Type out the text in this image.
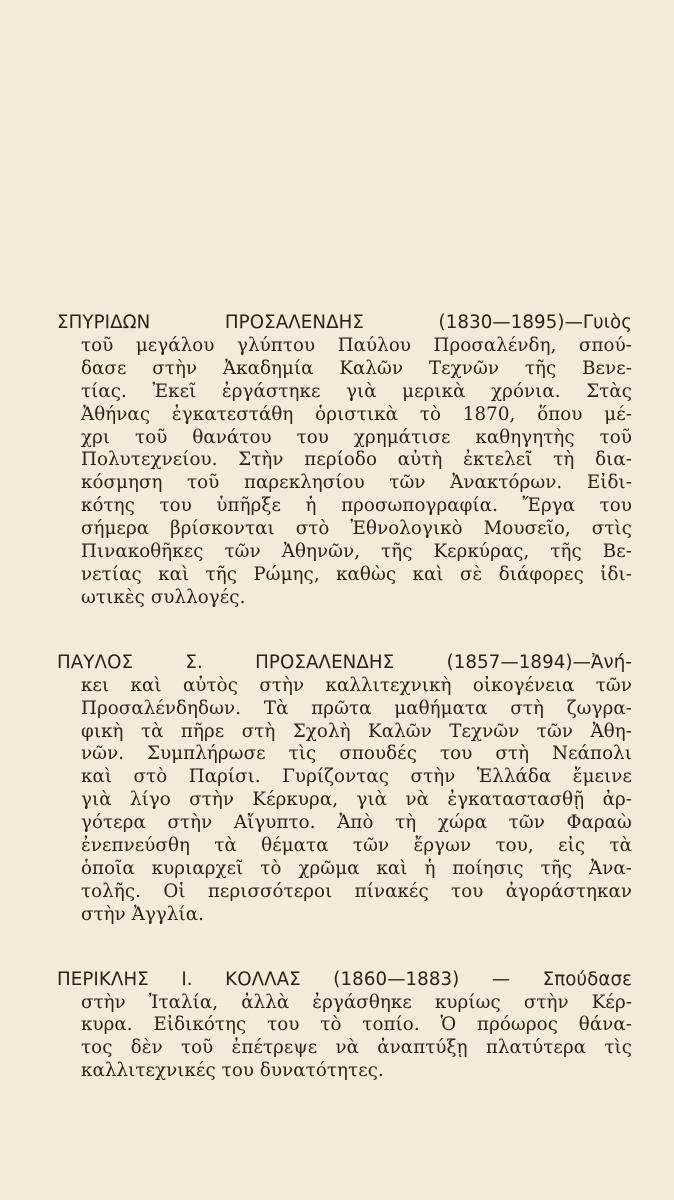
ΣΠΥΡΙΔΩΝ ΠΡΟΣΑΛΕΝΔΗΣ (1830—1895)—Γυιὸς
τοῦ μεγάλου γλύπτου Παύλου Προσαλένδη, σπού-
δασε στὴν Ἀκαδημία Καλῶν Τεχνῶν τῆς Βενε-
τίας. Ἐκεῖ ἐργάστηκε γιὰ μερικὰ χρόνια. Στὰς
Ἀθήνας ἐγκατεστάθη ὁριστικὰ τὸ 1870, ὅπου μέ-
χρι τοῦ θανάτου του χρημάτισε καθηγητὴς τοῦ
Πολυτεχνείου. Στὴν περίοδο αὐτὴ ἐκτελεῖ τὴ δια-
κόσμηση τοῦ παρεκλησίου τῶν Ἀνακτόρων. Εἰδι-
κότης του ὑπῆρξε ἡ προσωπογραφία. Ἔργα του
σήμερα βρίσκονται στὸ Ἐθνολογικὸ Μουσεῖο, στὶς
Πινακοθῆκες τῶν Ἀθηνῶν, τῆς Κερκύρας, τῆς Βε-
νετίας καὶ τῆς Ρώμης, καθὼς καὶ σὲ διάφορες ἰδι-
ωτικὲς συλλογές.
ΠΑΥΛΟΣ Σ. ΠΡΟΣΑΛΕΝΔΗΣ (1857—1894)—Ἀνή-
κει καὶ αὐτὸς στὴν καλλιτεχνικὴ οἰκογένεια τῶν
Προσαλένδηδων. Τὰ πρῶτα μαθήματα στὴ ζωγρα-
φικὴ τὰ πῆρε στὴ Σχολὴ Καλῶν Τεχνῶν τῶν Ἀθη-
νῶν. Συμπλήρωσε τὶς σπουδές του στὴ Νεάπολι
καὶ στὸ Παρίσι. Γυρίζοντας στὴν Ἑλλάδα ἔμεινε
γιὰ λίγο στὴν Κέρκυρα, γιὰ νὰ ἐγκαταστασθῇ ἀρ-
γότερα στὴν Αἴγυπτο. Ἀπὸ τὴ χώρα τῶν Φαραὼ
ἐνεπνεύσθη τὰ θέματα τῶν ἔργων του, εἰς τὰ
ὁποῖα κυριαρχεῖ τὸ χρῶμα καὶ ἡ ποίησις τῆς Ἀνα-
τολῆς. Οἱ περισσότεροι πίνακές του ἀγοράστηκαν
στὴν Ἀγγλία.
ΠΕΡΙΚΛΗΣ Ι. ΚΟΛΛΑΣ (1860—1883) — Σπούδασε
στὴν Ἰταλία, ἀλλὰ ἐργάσθηκε κυρίως στὴν Κέρ-
κυρα. Εἰδικότης του τὸ τοπίο. Ὁ πρόωρος θάνα-
τος δὲν τοῦ ἐπέτρεψε νὰ ἀναπτύξῃ πλατύτερα τὶς
καλλιτεχνικές του δυνατότητες.
